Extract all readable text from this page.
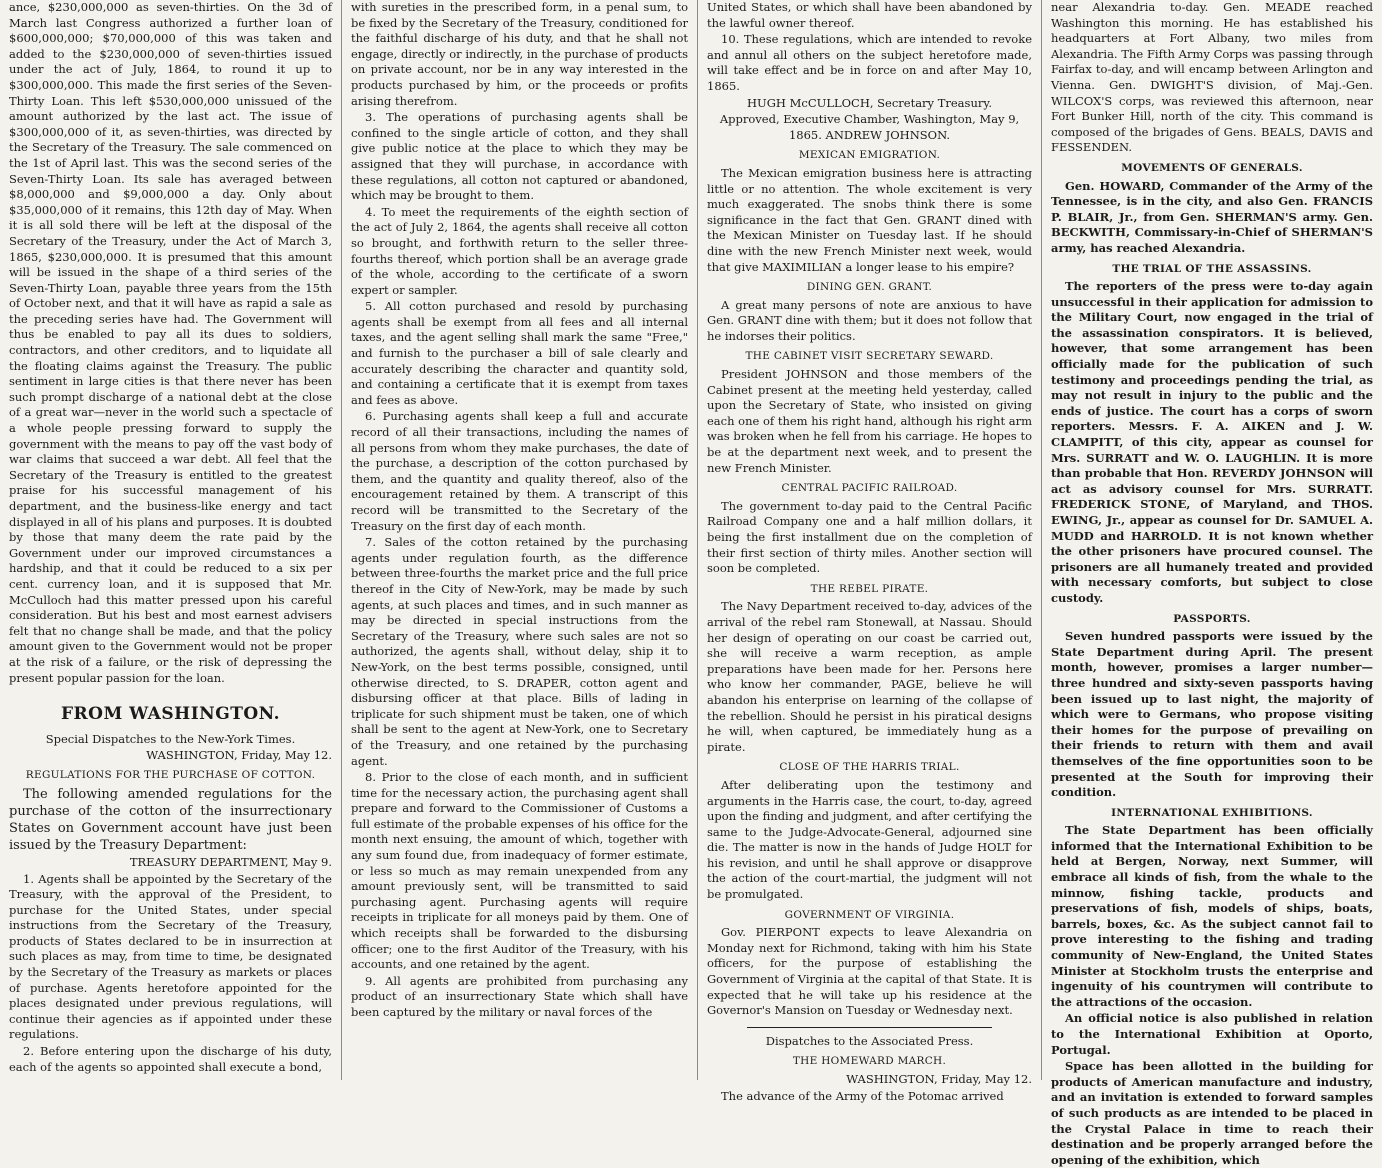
ance, $230,000,000 as seven-thirties. On the 3d of March last Congress authorized a further loan of $600,000,000; $70,000,000 of this was taken and added to the $230,000,000 of seven-thirties issued under the act of July, 1864, to round it up to $300,000,000. This made the first series of the Seven-Thirty Loan. This left $530,000,000 unissued of the amount authorized by the last act. The issue of $300,000,000 of it, as seven-thirties, was directed by the Secretary of the Treasury. The sale commenced on the 1st of April last. This was the second series of the Seven-Thirty Loan. Its sale has averaged between $8,000,000 and $9,000,000 a day. Only about $35,000,000 of it remains, this 12th day of May. When it is all sold there will be left at the disposal of the Secretary of the Treasury, under the Act of March 3, 1865, $230,000,000. It is presumed that this amount will be issued in the shape of a third series of the Seven-Thirty Loan, payable three years from the 15th of October next, and that it will have as rapid a sale as the preceding series have had. The Government will thus be enabled to pay all its dues to soldiers, contractors, and other creditors, and to liquidate all the floating claims against the Treasury. The public sentiment in large cities is that there never has been such prompt discharge of a national debt at the close of a great war—never in the world such a spectacle of a whole people pressing forward to supply the government with the means to pay off the vast body of war claims that succeed a war debt. All feel that the Secretary of the Treasury is entitled to the greatest praise for his successful management of his department, and the business-like energy and tact displayed in all of his plans and purposes. It is doubted by those that many deem the rate paid by the Government under our improved circumstances a hardship, and that it could be reduced to a six per cent. currency loan, and it is supposed that Mr. McCulloch had this matter pressed upon his careful consideration. But his best and most earnest advisers felt that no change shall be made, and that the policy amount given to the Government would not be proper at the risk of a failure, or the risk of depressing the present popular passion for the loan.

FROM WASHINGTON.

Special Dispatches to the New-York Times.

WASHINGTON, Friday, May 12.

REGULATIONS FOR THE PURCHASE OF COTTON.

The following amended regulations for the purchase of the cotton of the insurrectionary States on Government account have just been issued by the Treasury Department:

TREASURY DEPARTMENT, May 9.

1. Agents shall be appointed by the Secretary of the Treasury, with the approval of the President, to purchase for the United States, under special instructions from the Secretary of the Treasury, products of States declared to be in insurrection at such places as may, from time to time, be designated by the Secretary of the Treasury as markets or places of purchase. Agents heretofore appointed for the places designated under previous regulations, will continue their agencies as if appointed under these regulations.

2. Before entering upon the discharge of his duty, each of the agents so appointed shall execute a bond,

with sureties in the prescribed form, in a penal sum, to be fixed by the Secretary of the Treasury, conditioned for the faithful discharge of his duty, and that he shall not engage, directly or indirectly, in the purchase of products on private account, nor be in any way interested in the products purchased by him, or the proceeds or profits arising therefrom.

3. The operations of purchasing agents shall be confined to the single article of cotton, and they shall give public notice at the place to which they may be assigned that they will purchase, in accordance with these regulations, all cotton not captured or abandoned, which may be brought to them.

4. To meet the requirements of the eighth section of the act of July 2, 1864, the agents shall receive all cotton so brought, and forthwith return to the seller three-fourths thereof, which portion shall be an average grade of the whole, according to the certificate of a sworn expert or sampler.

5. All cotton purchased and resold by purchasing agents shall be exempt from all fees and all internal taxes, and the agent selling shall mark the same "Free," and furnish to the purchaser a bill of sale clearly and accurately describing the character and quantity sold, and containing a certificate that it is exempt from taxes and fees as above.

6. Purchasing agents shall keep a full and accurate record of all their transactions, including the names of all persons from whom they make purchases, the date of the purchase, a description of the cotton purchased by them, and the quantity and quality thereof, also of the encouragement retained by them. A transcript of this record will be transmitted to the Secretary of the Treasury on the first day of each month.

7. Sales of the cotton retained by the purchasing agents under regulation fourth, as the difference between three-fourths the market price and the full price thereof in the City of New-York, may be made by such agents, at such places and times, and in such manner as may be directed in special instructions from the Secretary of the Treasury, where such sales are not so authorized, the agents shall, without delay, ship it to New-York, on the best terms possible, consigned, until otherwise directed, to S. DRAPER, cotton agent and disbursing officer at that place. Bills of lading in triplicate for such shipment must be taken, one of which shall be sent to the agent at New-York, one to Secretary of the Treasury, and one retained by the purchasing agent.

8. Prior to the close of each month, and in sufficient time for the necessary action, the purchasing agent shall prepare and forward to the Commissioner of Customs a full estimate of the probable expenses of his office for the month next ensuing, the amount of which, together with any sum found due, from inadequacy of former estimate, or less so much as may remain unexpended from any amount previously sent, will be transmitted to said purchasing agent. Purchasing agents will require receipts in triplicate for all moneys paid by them. One of which receipts shall be forwarded to the disbursing officer; one to the first Auditor of the Treasury, with his accounts, and one retained by the agent.

9. All agents are prohibited from purchasing any product of an insurrectionary State which shall have been captured by the military or naval forces of the

United States, or which shall have been abandoned by the lawful owner thereof.

10. These regulations, which are intended to revoke and annul all others on the subject heretofore made, will take effect and be in force on and after May 10, 1865.

HUGH McCULLOCH, Secretary Treasury.

Approved, Executive Chamber, Washington, May 9, 1865. ANDREW JOHNSON.

MEXICAN EMIGRATION.

The Mexican emigration business here is attracting little or no attention. The whole excitement is very much exaggerated. The snobs think there is some significance in the fact that Gen. GRANT dined with the Mexican Minister on Tuesday last. If he should dine with the new French Minister next week, would that give MAXIMILIAN a longer lease to his empire?

DINING GEN. GRANT.

A great many persons of note are anxious to have Gen. GRANT dine with them; but it does not follow that he indorses their politics.

THE CABINET VISIT SECRETARY SEWARD.

President JOHNSON and those members of the Cabinet present at the meeting held yesterday, called upon the Secretary of State, who insisted on giving each one of them his right hand, although his right arm was broken when he fell from his carriage. He hopes to be at the department next week, and to present the new French Minister.

CENTRAL PACIFIC RAILROAD.

The government to-day paid to the Central Pacific Railroad Company one and a half million dollars, it being the first installment due on the completion of their first section of thirty miles. Another section will soon be completed.

THE REBEL PIRATE.

The Navy Department received to-day, advices of the arrival of the rebel ram Stonewall, at Nassau. Should her design of operating on our coast be carried out, she will receive a warm reception, as ample preparations have been made for her. Persons here who know her commander, PAGE, believe he will abandon his enterprise on learning of the collapse of the rebellion. Should he persist in his piratical designs he will, when captured, be immediately hung as a pirate.

CLOSE OF THE HARRIS TRIAL.

After deliberating upon the testimony and arguments in the Harris case, the court, to-day, agreed upon the finding and judgment, and after certifying the same to the Judge-Advocate-General, adjourned sine die. The matter is now in the hands of Judge HOLT for his revision, and until he shall approve or disapprove the action of the court-martial, the judgment will not be promulgated.

GOVERNMENT OF VIRGINIA.

Gov. PIERPONT expects to leave Alexandria on Monday next for Richmond, taking with him his State officers, for the purpose of establishing the Government of Virginia at the capital of that State. It is expected that he will take up his residence at the Governor's Mansion on Tuesday or Wednesday next.

Dispatches to the Associated Press.

THE HOMEWARD MARCH.

WASHINGTON, Friday, May 12.

The advance of the Army of the Potomac arrived

near Alexandria to-day. Gen. MEADE reached Washington this morning. He has established his headquarters at Fort Albany, two miles from Alexandria. The Fifth Army Corps was passing through Fairfax to-day, and will encamp between Arlington and Vienna. Gen. DWIGHT'S division, of Maj.-Gen. WILCOX'S corps, was reviewed this afternoon, near Fort Bunker Hill, north of the city. This command is composed of the brigades of Gens. BEALS, DAVIS and FESSENDEN.

MOVEMENTS OF GENERALS.

Gen. HOWARD, Commander of the Army of the Tennessee, is in the city, and also Gen. FRANCIS P. BLAIR, Jr., from Gen. SHERMAN'S army. Gen. BECKWITH, Commissary-in-Chief of SHERMAN'S army, has reached Alexandria.

THE TRIAL OF THE ASSASSINS.

The reporters of the press were to-day again unsuccessful in their application for admission to the Military Court, now engaged in the trial of the assassination conspirators. It is believed, however, that some arrangement has been officially made for the publication of such testimony and proceedings pending the trial, as may not result in injury to the public and the ends of justice. The court has a corps of sworn reporters. Messrs. F. A. AIKEN and J. W. CLAMPITT, of this city, appear as counsel for Mrs. SURRATT and W. O. LAUGHLIN. It is more than probable that Hon. REVERDY JOHNSON will act as advisory counsel for Mrs. SURRATT. FREDERICK STONE, of Maryland, and THOS. EWING, Jr., appear as counsel for Dr. SAMUEL A. MUDD and HARROLD. It is not known whether the other prisoners have procured counsel. The prisoners are all humanely treated and provided with necessary comforts, but subject to close custody.

PASSPORTS.

Seven hundred passports were issued by the State Department during April. The present month, however, promises a larger number—three hundred and sixty-seven passports having been issued up to last night, the majority of which were to Germans, who propose visiting their homes for the purpose of prevailing on their friends to return with them and avail themselves of the fine opportunities soon to be presented at the South for improving their condition.

INTERNATIONAL EXHIBITIONS.

The State Department has been officially informed that the International Exhibition to be held at Bergen, Norway, next Summer, will embrace all kinds of fish, from the whale to the minnow, fishing tackle, products and preservations of fish, models of ships, boats, barrels, boxes, &c. As the subject cannot fail to prove interesting to the fishing and trading community of New-England, the United States Minister at Stockholm trusts the enterprise and ingenuity of his countrymen will contribute to the attractions of the occasion.

An official notice is also published in relation to the International Exhibition at Oporto, Portugal.

Space has been allotted in the building for products of American manufacture and industry, and an invitation is extended to forward samples of such products as are intended to be placed in the Crystal Palace in time to reach their destination and be properly arranged before the opening of the exhibition, which
